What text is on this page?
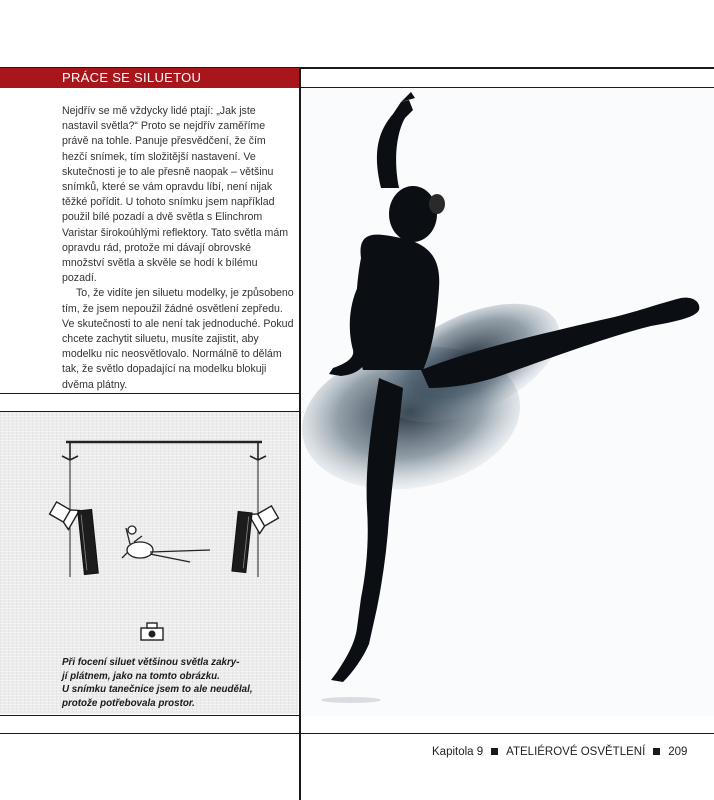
PRÁCE SE SILUETOU

Nejdřív se mě vždycky lidé ptají: „Jak jste nastavil světla?“ Proto se nejdřív zaměříme právě na tohle. Panuje přesvědčení, že čím hezčí snímek, tím složitější nastavení. Ve skutečnosti je to ale přesně naopak – většinu snímků, které se vám opravdu líbí, není nijak těžké pořídit. U tohoto snímku jsem například použil bílé pozadí a dvě světla s Elinchrom Varistar širokoúhlými reflektory. Tato světla mám opravdu rád, protože mi dávají obrovské množství světla a skvěle se hodí k bílému pozadí.

To, že vidíte jen siluetu modelky, je způsobeno tím, že jsem nepoužil žádné osvětlení zepředu. Ve skutečnosti to ale není tak jednoduché. Pokud chcete zachytit siluetu, musíte zajistit, aby modelku nic neosvětlovalo. Normálně to dělám tak, že světlo dopadající na modelku blokuji dvěma plátny.

Při focení siluet většinou světla zakry-

jí plátnem, jako na tomto obrázku.

U snímku tanečnice jsem to ale neudělal,

protože potřebovala prostor.

Kapitola 9 ATELIÉROVÉ OSVĚTLENÍ 209
